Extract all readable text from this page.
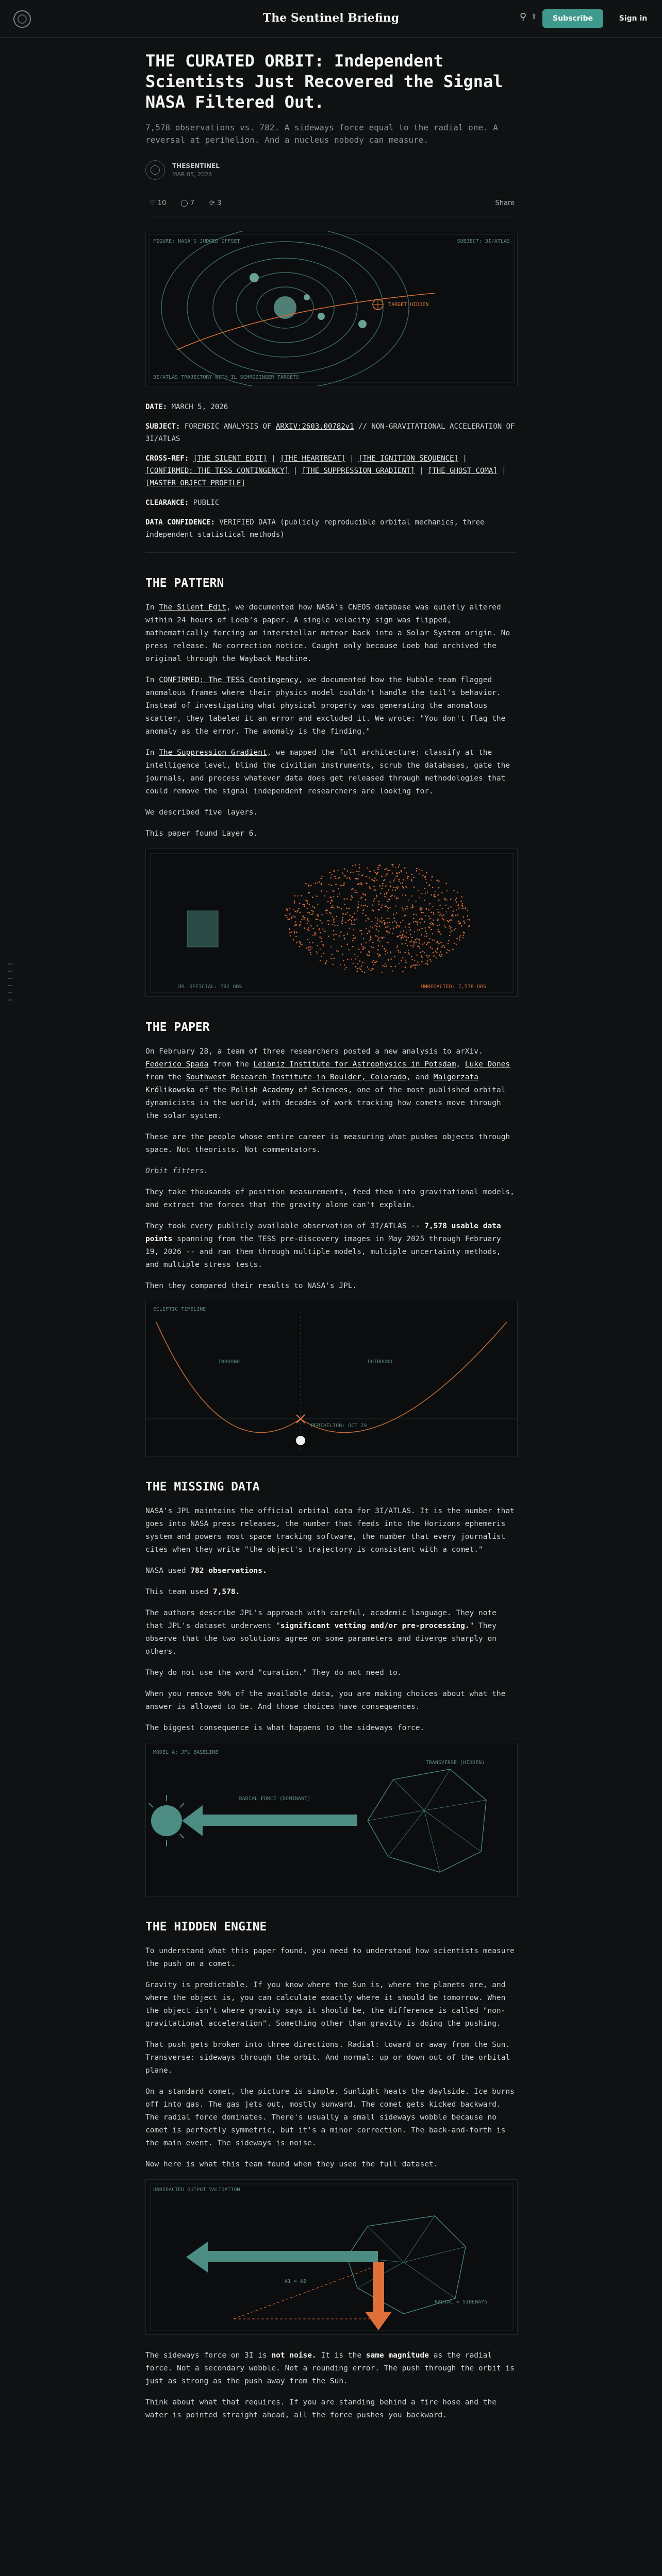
The Sentinel Briefing	⚲ ⇧	Subscribe	Sign in
THE CURATED ORBIT: Independent Scientists Just Recovered the Signal NASA Filtered Out.
7,578 observations vs. 782. A sideways force equal to the radial one. A reversal at perihelion. And a nucleus nobody can measure.
THESENTINEL
MAR 05, 2026
♡ 10 ◯ 7 ⟳ 3	Share
TARGET HIDDEN
FIGURE: NASA'S JUDGED OFFSET	SUBJECT: 3I/ATLAS
3I/ATLAS TRAJECTORY WITH IL SCHRODINGER TARGETS

DATE: MARCH 5, 2026

SUBJECT: FORENSIC ANALYSIS OF ARXIV:2603.00782v1 // NON-GRAVITATIONAL ACCELERATION OF 3I/ATLAS

CROSS-REF: [THE SILENT EDIT] | [THE HEARTBEAT] | [THE IGNITION SEQUENCE] | [CONFIRMED: THE TESS CONTINGENCY] | [THE SUPPRESSION GRADIENT] | [THE GHOST COMA] | [MASTER OBJECT PROFILE]

CLEARANCE: PUBLIC

DATA CONFIDENCE: VERIFIED DATA (publicly reproducible orbital mechanics, three independent statistical methods)

THE PATTERN

In The Silent Edit, we documented how NASA's CNEOS database was quietly altered within 24 hours of Loeb's paper. A single velocity sign was flipped, mathematically forcing an interstellar meteor back into a Solar System origin. No press release. No correction notice. Caught only because Loeb had archived the original through the Wayback Machine.

In CONFIRMED: The TESS Contingency, we documented how the Hubble team flagged anomalous frames where their physics model couldn't handle the tail's behavior. Instead of investigating what physical property was generating the anomalous scatter, they labeled it an error and excluded it. We wrote: "You don't flag the anomaly as the error. The anomaly is the finding."

In The Suppression Gradient, we mapped the full architecture: classify at the intelligence level, blind the civilian instruments, scrub the databases, gate the journals, and process whatever data does get released through methodologies that could remove the signal independent researchers are looking for.

We described five layers.

This paper found Layer 6.

JPL OFFICIAL: 782 OBS	UNREDACTED: 7,578 OBS
THE PAPER

On February 28, a team of three researchers posted a new analysis to arXiv. Federico Spada from the Leibniz Institute for Astrophysics in Potsdam, Luke Dones from the Southwest Research Institute in Boulder, Colorado, and Malgorzata Królikowska of the Polish Academy of Sciences, one of the most published orbital dynamicists in the world, with decades of work tracking how comets move through the solar system.

These are the people whose entire career is measuring what pushes objects through space. Not theorists. Not commentators.

Orbit fitters.

They take thousands of position measurements, feed them into gravitational models, and extract the forces that the gravity alone can't explain.

They took every publicly available observation of 3I/ATLAS -- 7,578 usable data points spanning from the TESS pre-discovery images in May 2025 through February 19, 2026 -- and ran them through multiple models, multiple uncertainty methods, and multiple stress tests.

Then they compared their results to NASA's JPL.

ECLIPTIC TIMELINE
INBOUND	OUTBOUND
PERIHELION: OCT 29
THE MISSING DATA

NASA's JPL maintains the official orbital data for 3I/ATLAS. It is the number that goes into NASA press releases, the number that feeds into the Horizons ephemeris system and powers most space tracking software, the number that every journalist cites when they write "the object's trajectory is consistent with a comet."

NASA used 782 observations.

This team used 7,578.

The authors describe JPL's approach with careful, academic language. They note that JPL's dataset underwent "significant vetting and/or pre-processing." They observe that the two solutions agree on some parameters and diverge sharply on others.

They do not use the word "curation." They do not need to.

When you remove 90% of the available data, you are making choices about what the answer is allowed to be. And those choices have consequences.

The biggest consequence is what happens to the sideways force.

MODEL A: JPL BASELINE
RADIAL FORCE (DOMINANT)
TRANSVERSE (HIDDEN)
THE HIDDEN ENGINE

To understand what this paper found, you need to understand how scientists measure the push on a comet.

Gravity is predictable. If you know where the Sun is, where the planets are, and where the object is, you can calculate exactly where it should be tomorrow. When the object isn't where gravity says it should be, the difference is called "non-gravitational acceleration". Something other than gravity is doing the pushing.

That push gets broken into three directions. Radial: toward or away from the Sun. Transverse: sideways through the orbit. And normal: up or down out of the orbital plane.

On a standard comet, the picture is simple. Sunlight heats the daylside. Ice burns off into gas. The gas jets out, mostly sunward. The comet gets kicked backward. The radial force dominates. There's usually a small sideways wobble because no comet is perfectly symmetric, but it's a minor correction. The back-and-forth is the main event. The sideways is noise.

Now here is what this team found when they used the full dataset.

UNREDACTED OUTPUT VALIDATION
A1 ≈ A2
RADIAL = SIDEWAYS

The sideways force on 3I is not noise. It is the same magnitude as the radial force. Not a secondary wobble. Not a rounding error. The push through the orbit is just as strong as the push away from the Sun.

Think about what that requires. If you are standing behind a fire hose and the water is pointed straight ahead, all the force pushes you backward.
